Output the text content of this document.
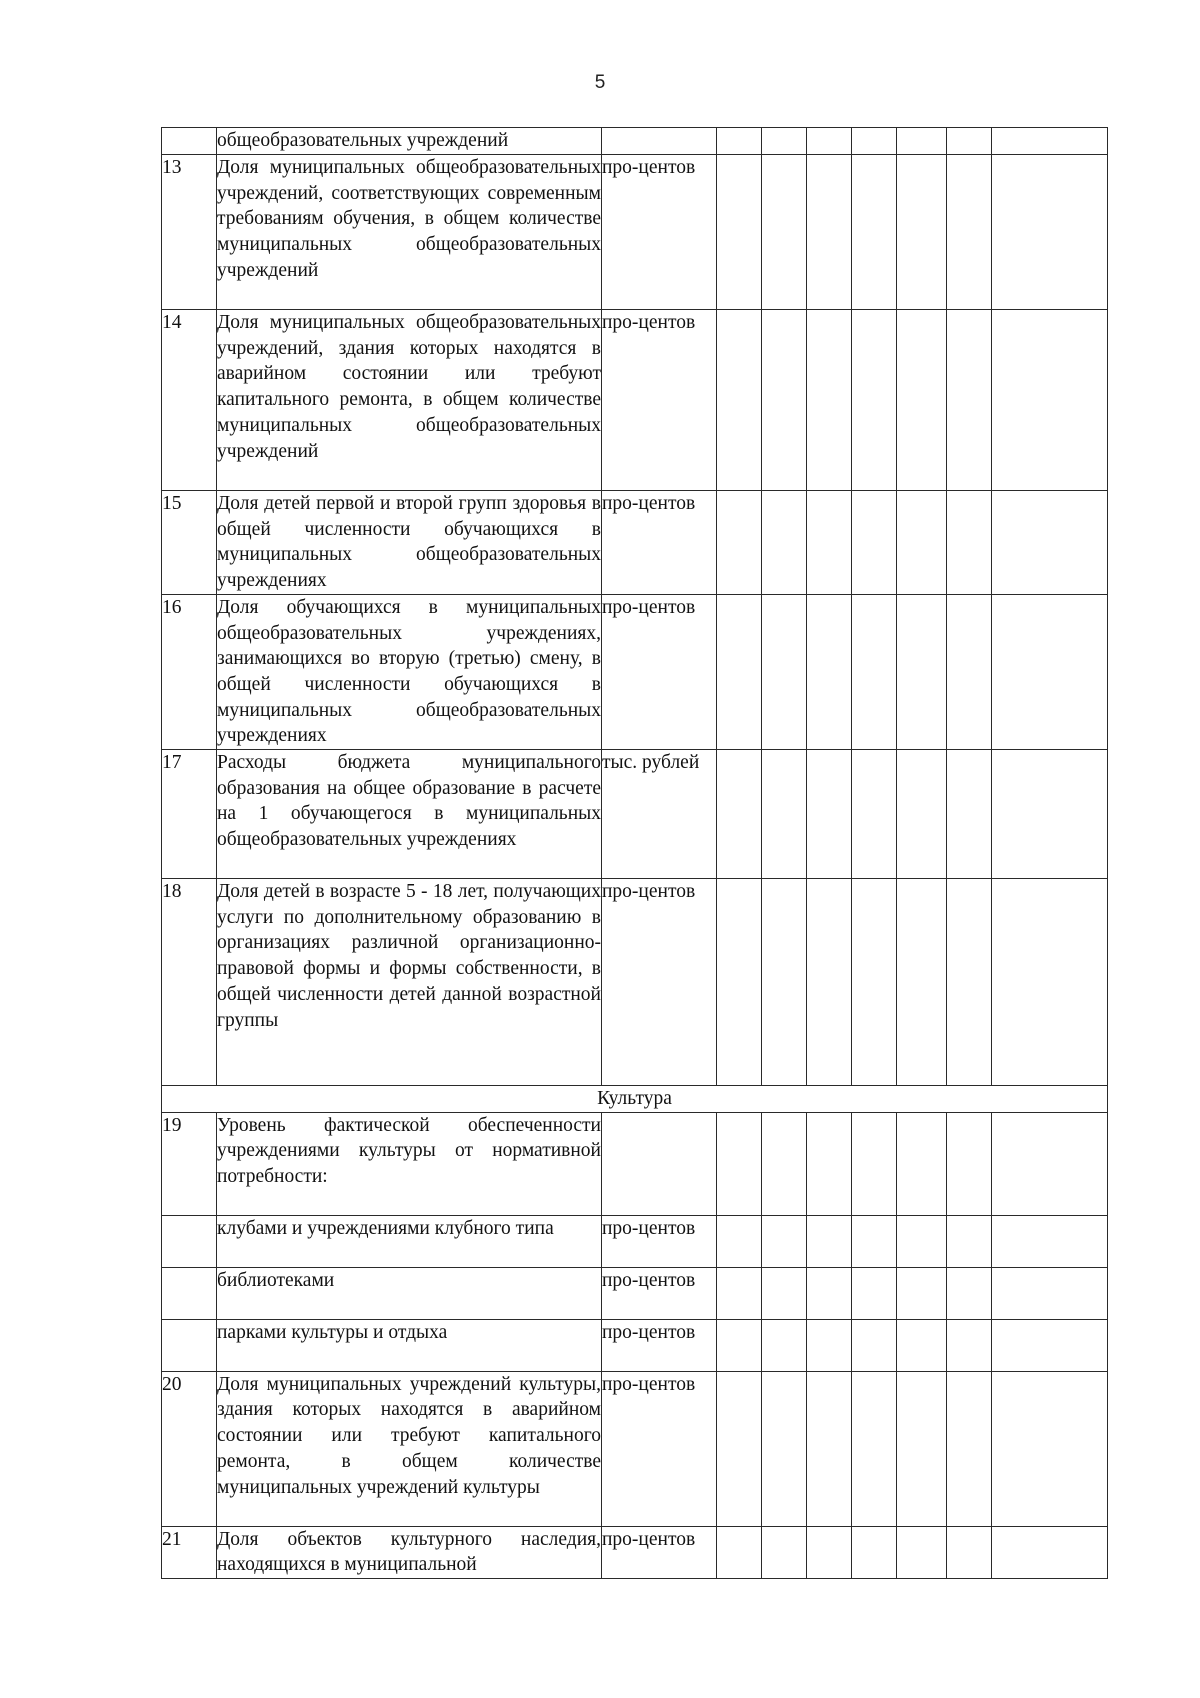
5
	общеобразовательных учреждений								
13	Доля муниципальных общеобразовательных учреждений, соответствующих современным требованиям обучения, в общем количестве муниципальных общеобразовательных учреждений	про-центов							
14	Доля муниципальных общеобразовательных учреждений, здания которых находятся в аварийном состоянии или требуют капитального ремонта, в общем количестве муниципальных общеобразовательных учреждений	про-центов							
15	Доля детей первой и второй групп здоровья в общей численности обучающихся в муниципальных общеобразовательных учреждениях	про-центов							
16	Доля обучающихся в муниципальных общеобразовательных учреждениях, занимающихся во вторую (третью) смену, в общей численности обучающихся в муниципальных общеобразовательных учреждениях	про-центов							
17	Расходы бюджета муниципального образования на общее образование в расчете на 1 обучающегося в муниципальных общеобразовательных учреждениях	тыс. рублей							
18	Доля детей в возрасте 5 - 18 лет, получающих услуги по дополнительному образованию в организациях различной организационно-правовой формы и формы собственности, в общей численности детей данной возрастной группы	про-центов							
Культура									
19	Уровень фактической обеспеченности учреждениями культуры от нормативной потребности:								
	клубами и учреждениями клубного типа	про-центов							
	библиотеками	про-центов							
	парками культуры и отдыха	про-центов							
20	Доля муниципальных учреждений культуры, здания которых находятся в аварийном состоянии или требуют капитального ремонта, в общем количестве муниципальных учреждений культуры	про-центов							
21	Доля объектов культурного наследия, находящихся в муниципальной	про-центов							
